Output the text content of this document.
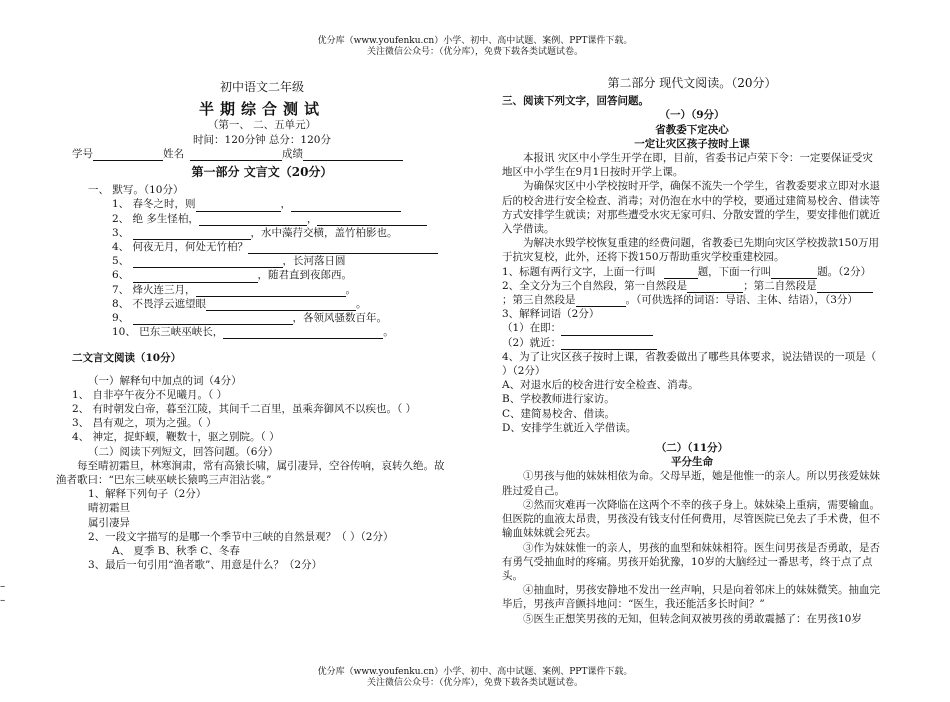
优分库（www.youfenku.cn）小学、初中、高中试题、案例、PPT课件下载。
关注微信公众号：（优分库），免费下载各类试题试卷。
初中语文二年级
半期综合测试
（第一、 二、五单元）
时间：120分钟 总分：120分
学号	姓名	成绩
第一部分 文言文（20分）
一、 默写。（10分）
1、 春冬之时，则	，
2、 绝 多生怪柏，	，
3、	，水中藻荇交横，盖竹柏影也。
4、 何夜无月，何处无竹柏？
5、	，长河落日圆
6、	，随君直到夜郎西。
7、 烽火连三月，	。
8、 不畏浮云遮望眼	。
9、	，各领风骚数百年。
10、 巴东三峡巫峡长，	。
二文言文阅读（10分）
（一）解释句中加点的词（4分）
1、 自非亭午夜分不见曦月。（ ）
2、 有时朝发白帝，暮至江陵，其间千二百里，虽乘奔御风不以疾也。（ ）
3、 昌有观之，项为之强。（ ）
4、 神定，捉虾蟆，鞭数十，驱之别院。（ ）
（二）阅读下列短文，回答问题。（6分）
每至晴初霜旦，林寒涧肃，常有高猿长啸，属引凄异，空谷传响，哀转久绝。故渔者歌曰：“巴东三峡巫峡长猿鸣三声泪沾裳。”
1、解释下列句子（2分）
晴初霜旦
属引凄异
2、一段文字描写的是哪一个季节中三峡的自然景观？（ ）（2分）
A、 夏季 B、秋季 C、冬春
3、最后一句引用“渔者歌”、用意是什么？（2分）
–
–
第二部分 现代文阅读。（20分）
三、阅读下列文字，回答问题。
（一）（9分）
省教委下定决心
一定让灾区孩子按时上课
本报讯 灾区中小学生开学在即，目前，省委书记卢荣下令：一定要保证受灾地区中小学生在9月1日按时开学上课。
为确保灾区中小学校按时开学，确保不流失一个学生，省教委要求立即对水退后的校舍进行安全检查、消毒；对仍泡在水中的学校，要通过建简易校舍、借读等方式安排学生就读；对那些遭受水灾无家可归、分散安置的学生，要安排他们就近入学借读。
为解决水毁学校恢复重建的经费问题，省教委已先期向灾区学校拨款150万用于抗灾复校，此外，还将下拨150万帮助重灾学校重建校园。
1、标题有两行文字，上面一行叫	题，下面一行叫	题。（2分）
2、全文分为三个自然段，第一自然段是	；第二自然段是；第三自然段是	。（可供选择的词语：导语、主体、结语），（3分）
3、解释词语（2分）
（1）在即：
（2）就近：
4、为了让灾区孩子按时上课，省教委做出了哪些具体要求，说法错误的一项是（ ）（2分）
A、对退水后的校舍进行安全检查、消毒。
B、学校教师进行家访。
C、建简易校舍、借读。
D、安排学生就近入学借读。
（二）（11分）
平分生命
①男孩与他的妹妹相依为命。父母早逝，她是他惟一的亲人。所以男孩爱妹妹胜过爱自己。
②然而灾难再一次降临在这两个不幸的孩子身上。妹妹染上重病，需要输血。但医院的血液太昂贵，男孩没有钱支付任何费用，尽管医院已免去了手术费，但不输血妹妹就会死去。
③作为妹妹惟一的亲人，男孩的血型和妹妹相符。医生问男孩是否勇敢，是否有勇气受抽血时的疼痛。男孩开始犹豫，10岁的大脑经过一番思考，终于点了点头。
④抽血时，男孩安静地不发出一丝声响，只是向着邻床上的妹妹微笑。抽血完毕后，男孩声音颤抖地问：“医生，我还能活多长时间？”
⑤医生正想笑男孩的无知，但转念间双被男孩的勇敢震撼了：在男孩10岁
优分库（www.youfenku.cn）小学、初中、高中试题、案例、PPT课件下载。
关注微信公众号：（优分库），免费下载各类试题试卷。
